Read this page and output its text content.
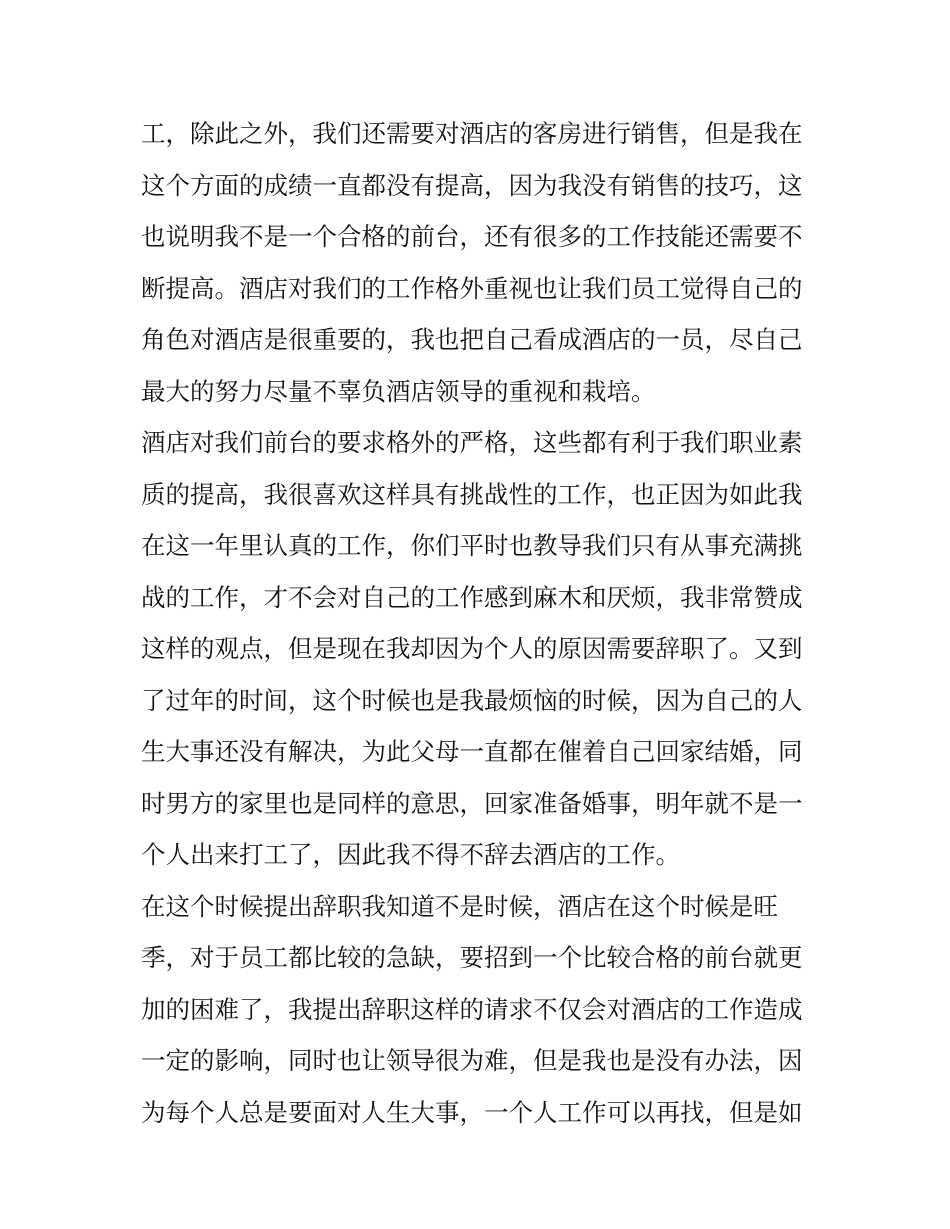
工，除此之外，我们还需要对酒店的客房进行销售，但是我在
这个方面的成绩一直都没有提高，因为我没有销售的技巧，这
也说明我不是一个合格的前台，还有很多的工作技能还需要不
断提高。酒店对我们的工作格外重视也让我们员工觉得自己的
角色对酒店是很重要的，我也把自己看成酒店的一员，尽自己
最大的努力尽量不辜负酒店领导的重视和栽培。
酒店对我们前台的要求格外的严格，这些都有利于我们职业素
质的提高，我很喜欢这样具有挑战性的工作，也正因为如此我
在这一年里认真的工作，你们平时也教导我们只有从事充满挑
战的工作，才不会对自己的工作感到麻木和厌烦，我非常赞成
这样的观点，但是现在我却因为个人的原因需要辞职了。又到
了过年的时间，这个时候也是我最烦恼的时候，因为自己的人
生大事还没有解决，为此父母一直都在催着自己回家结婚，同
时男方的家里也是同样的意思，回家准备婚事，明年就不是一
个人出来打工了，因此我不得不辞去酒店的工作。
在这个时候提出辞职我知道不是时候，酒店在这个时候是旺
季，对于员工都比较的急缺，要招到一个比较合格的前台就更
加的困难了，我提出辞职这样的请求不仅会对酒店的工作造成
一定的影响，同时也让领导很为难，但是我也是没有办法，因
为每个人总是要面对人生大事，一个人工作可以再找，但是如
